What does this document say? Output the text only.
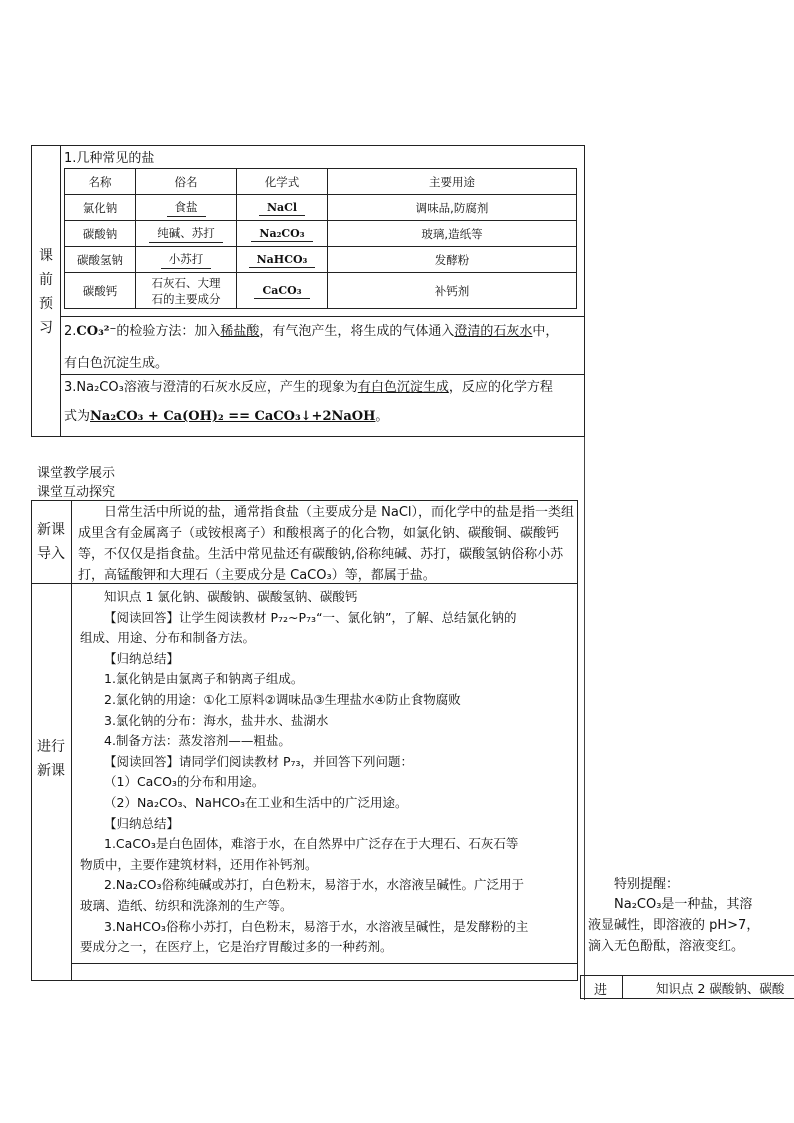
课前预习
1.几种常见的盐
名称	俗名	化学式	主要用途
氯化钠	食盐	NaCl	调味品,防腐剂
碳酸钠	纯碱、苏打	Na₂CO₃	玻璃,造纸等
碳酸氢钠	小苏打	NaHCO₃	发酵粉
碳酸钙	石灰石、大理石的主要成分	CaCO₃	补钙剂
2.CO₃²⁻的检验方法：加入稀盐酸，有气泡产生，将生成的气体通入澄清的石灰水中，
有白色沉淀生成。
3.Na₂CO₃溶液与澄清的石灰水反应，产生的现象为有白色沉淀生成，反应的化学方程
式为Na₂CO₃ + Ca(OH)₂ == CaCO₃↓+2NaOH。
课堂教学展示
课堂互动探究
新课导入
日常生活中所说的盐，通常指食盐（主要成分是 NaCl），而化学中的盐是指一类组成里含有金属离子（或铵根离子）和酸根离子的化合物，如氯化钠、碳酸铜、碳酸钙等，不仅仅是指食盐。生活中常见盐还有碳酸钠,俗称纯碱、苏打，碳酸氢钠俗称小苏打，高锰酸钾和大理石（主要成分是 CaCO₃）等，都属于盐。
进行新课

知识点 1 氯化钠、碳酸钠、碳酸氢钠、碳酸钙

【阅读回答】让学生阅读教材 P₇₂~P₇₃“一、氯化钠”，了解、总结氯化钠的

组成、用途、分布和制备方法。

【归纳总结】

1.氯化钠是由氯离子和钠离子组成。

2.氯化钠的用途：①化工原料②调味品③生理盐水④防止食物腐败

3.氯化钠的分布：海水，盐井水、盐湖水

4.制备方法：蒸发溶剂——粗盐。

【阅读回答】请同学们阅读教材 P₇₃，并回答下列问题：

（1）CaCO₃的分布和用途。

（2）Na₂CO₃、NaHCO₃在工业和生活中的广泛用途。

【归纳总结】

1.CaCO₃是白色固体，难溶于水，在自然界中广泛存在于大理石、石灰石等

物质中，主要作建筑材料，还用作补钙剂。

2.Na₂CO₃俗称纯碱或苏打，白色粉末，易溶于水，水溶液呈碱性。广泛用于

玻璃、造纸、纺织和洗涤剂的生产等。

3.NaHCO₃俗称小苏打，白色粉末，易溶于水，水溶液呈碱性，是发酵粉的主

要成分之一，在医疗上，它是治疗胃酸过多的一种药剂。

特别提醒：
Na₂CO₃是一种盐，其溶
液显碱性，即溶液的 pH>7，
滴入无色酚酞，溶液变红。
进	知识点 2 碳酸钠、碳酸
